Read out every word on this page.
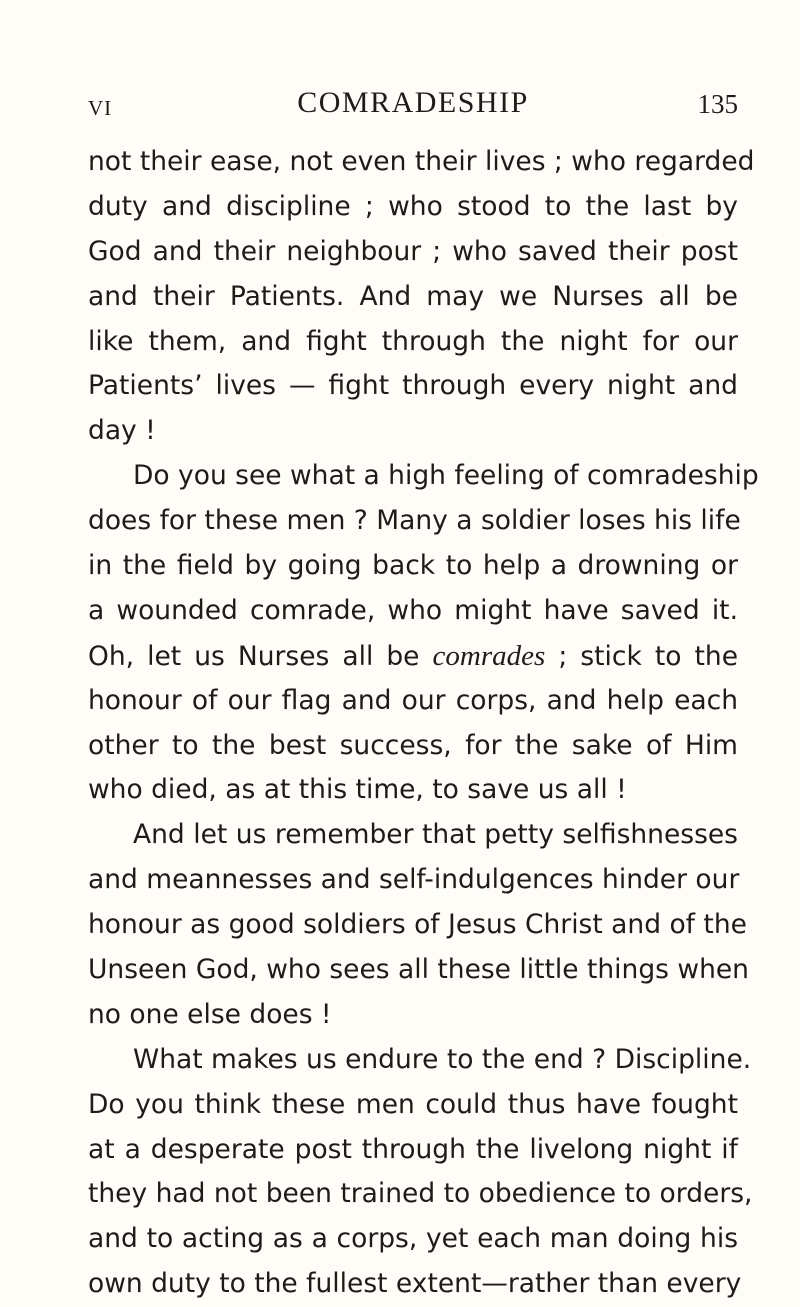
VI	COMRADESHIP	135
not their ease, not even their lives ; who regarded
duty and discipline ; who stood to the last by
God and their neighbour ; who saved their post
and their Patients. And may we Nurses all be
like them, and fight through the night for our
Patients’ lives — fight through every night and
day !
Do you see what a high feeling of comradeship
does for these men ? Many a soldier loses his life
in the field by going back to help a drowning or
a wounded comrade, who might have saved it.
Oh, let us Nurses all be comrades ; stick to the
honour of our flag and our corps, and help each
other to the best success, for the sake of Him
who died, as at this time, to save us all !
And let us remember that petty selfishnesses
and meannesses and self-indulgences hinder our
honour as good soldiers of Jesus Christ and of the
Unseen God, who sees all these little things when
no one else does !
What makes us endure to the end ? Discipline.
Do you think these men could thus have fought
at a desperate post through the livelong night if
they had not been trained to obedience to orders,
and to acting as a corps, yet each man doing his
own duty to the fullest extent—rather than every
